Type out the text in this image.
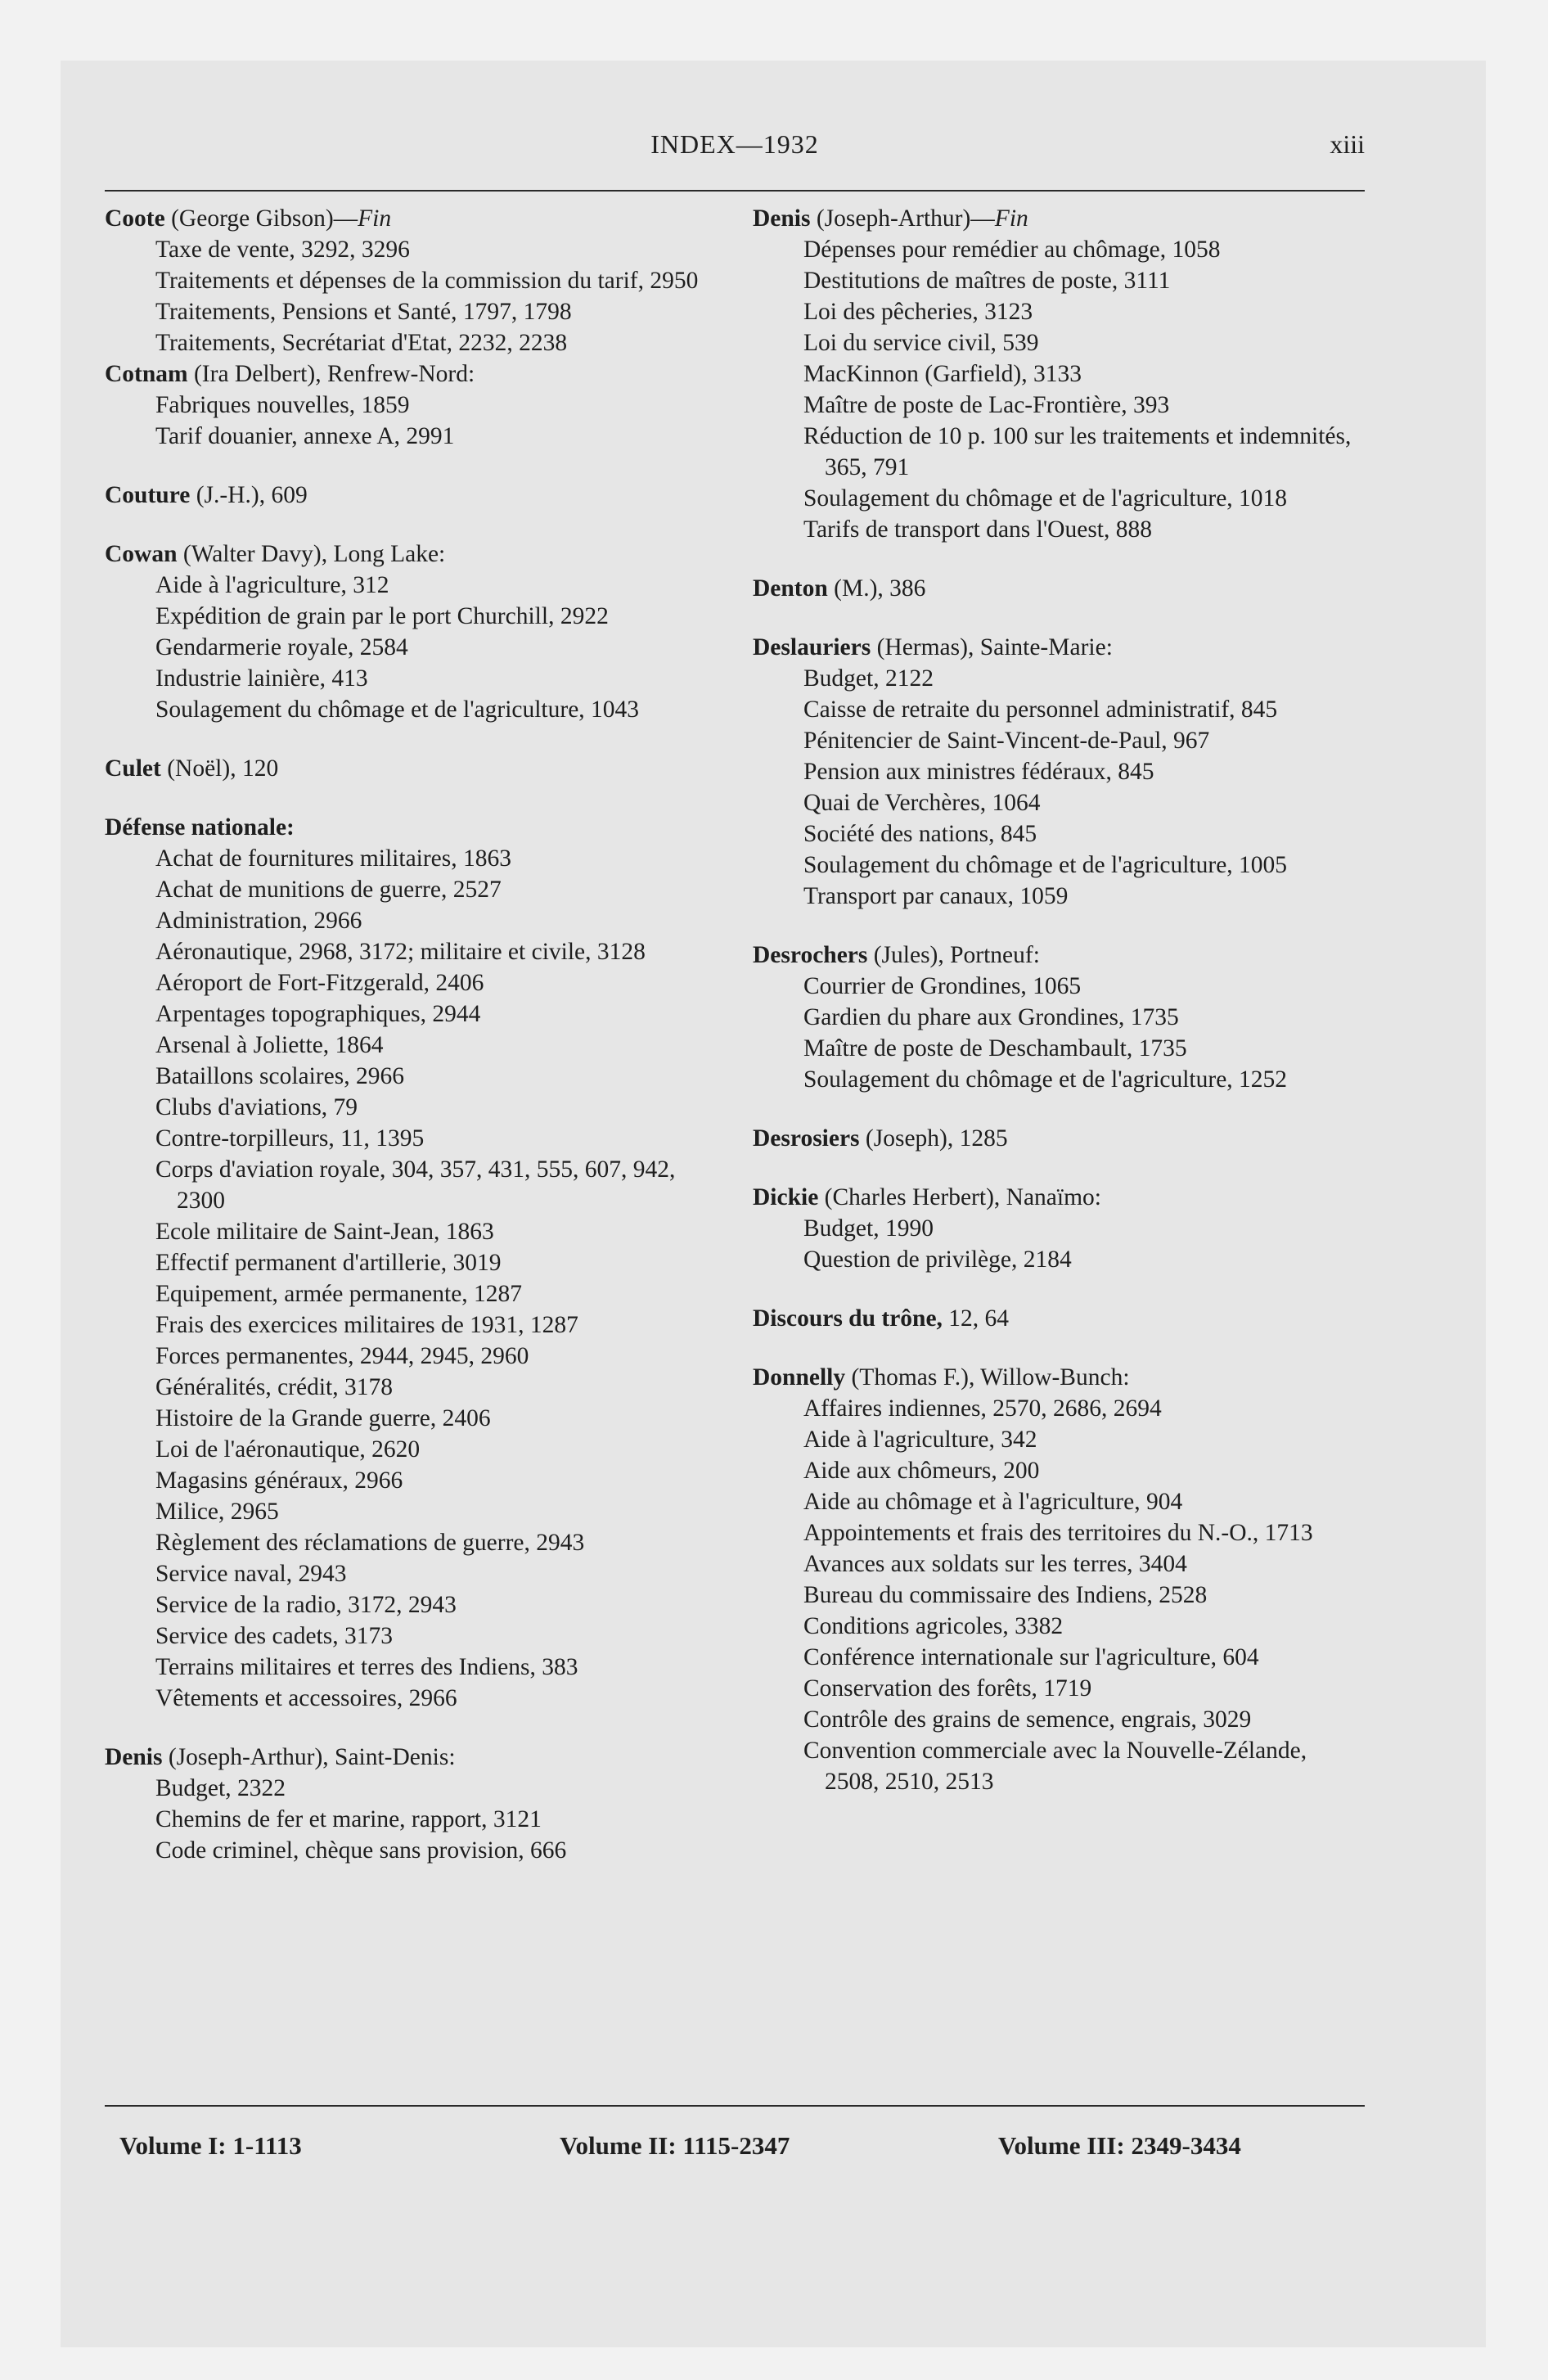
INDEX—1932	xiii
Coote (George Gibson)—Fin
Taxe de vente, 3292, 3296
Traitements et dépenses de la commission du tarif, 2950
Traitements, Pensions et Santé, 1797, 1798
Traitements, Secrétariat d'Etat, 2232, 2238
Cotnam (Ira Delbert), Renfrew-Nord:
Fabriques nouvelles, 1859
Tarif douanier, annexe A, 2991
Couture (J.-H.), 609
Cowan (Walter Davy), Long Lake:
Aide à l'agriculture, 312
Expédition de grain par le port Churchill, 2922
Gendarmerie royale, 2584
Industrie lainière, 413
Soulagement du chômage et de l'agriculture, 1043
Culet (Noël), 120
Défense nationale:
Achat de fournitures militaires, 1863
Achat de munitions de guerre, 2527
Administration, 2966
Aéronautique, 2968, 3172; militaire et civile, 3128
Aéroport de Fort-Fitzgerald, 2406
Arpentages topographiques, 2944
Arsenal à Joliette, 1864
Bataillons scolaires, 2966
Clubs d'aviations, 79
Contre-torpilleurs, 11, 1395
Corps d'aviation royale, 304, 357, 431, 555, 607, 942, 2300
Ecole militaire de Saint-Jean, 1863
Effectif permanent d'artillerie, 3019
Equipement, armée permanente, 1287
Frais des exercices militaires de 1931, 1287
Forces permanentes, 2944, 2945, 2960
Généralités, crédit, 3178
Histoire de la Grande guerre, 2406
Loi de l'aéronautique, 2620
Magasins généraux, 2966
Milice, 2965
Règlement des réclamations de guerre, 2943
Service naval, 2943
Service de la radio, 3172, 2943
Service des cadets, 3173
Terrains militaires et terres des Indiens, 383
Vêtements et accessoires, 2966
Denis (Joseph-Arthur), Saint-Denis:
Budget, 2322
Chemins de fer et marine, rapport, 3121
Code criminel, chèque sans provision, 666
Denis (Joseph-Arthur)—Fin
Dépenses pour remédier au chômage, 1058
Destitutions de maîtres de poste, 3111
Loi des pêcheries, 3123
Loi du service civil, 539
MacKinnon (Garfield), 3133
Maître de poste de Lac-Frontière, 393
Réduction de 10 p. 100 sur les traitements et indemnités, 365, 791
Soulagement du chômage et de l'agriculture, 1018
Tarifs de transport dans l'Ouest, 888
Denton (M.), 386
Deslauriers (Hermas), Sainte-Marie:
Budget, 2122
Caisse de retraite du personnel administratif, 845
Pénitencier de Saint-Vincent-de-Paul, 967
Pension aux ministres fédéraux, 845
Quai de Verchères, 1064
Société des nations, 845
Soulagement du chômage et de l'agriculture, 1005
Transport par canaux, 1059
Desrochers (Jules), Portneuf:
Courrier de Grondines, 1065
Gardien du phare aux Grondines, 1735
Maître de poste de Deschambault, 1735
Soulagement du chômage et de l'agriculture, 1252
Desrosiers (Joseph), 1285
Dickie (Charles Herbert), Nanaïmo:
Budget, 1990
Question de privilège, 2184
Discours du trône, 12, 64
Donnelly (Thomas F.), Willow-Bunch:
Affaires indiennes, 2570, 2686, 2694
Aide à l'agriculture, 342
Aide aux chômeurs, 200
Aide au chômage et à l'agriculture, 904
Appointements et frais des territoires du N.-O., 1713
Avances aux soldats sur les terres, 3404
Bureau du commissaire des Indiens, 2528
Conditions agricoles, 3382
Conférence internationale sur l'agriculture, 604
Conservation des forêts, 1719
Contrôle des grains de semence, engrais, 3029
Convention commerciale avec la Nouvelle-Zélande, 2508, 2510, 2513
Volume I: 1-1113	Volume II: 1115-2347	Volume III: 2349-3434
